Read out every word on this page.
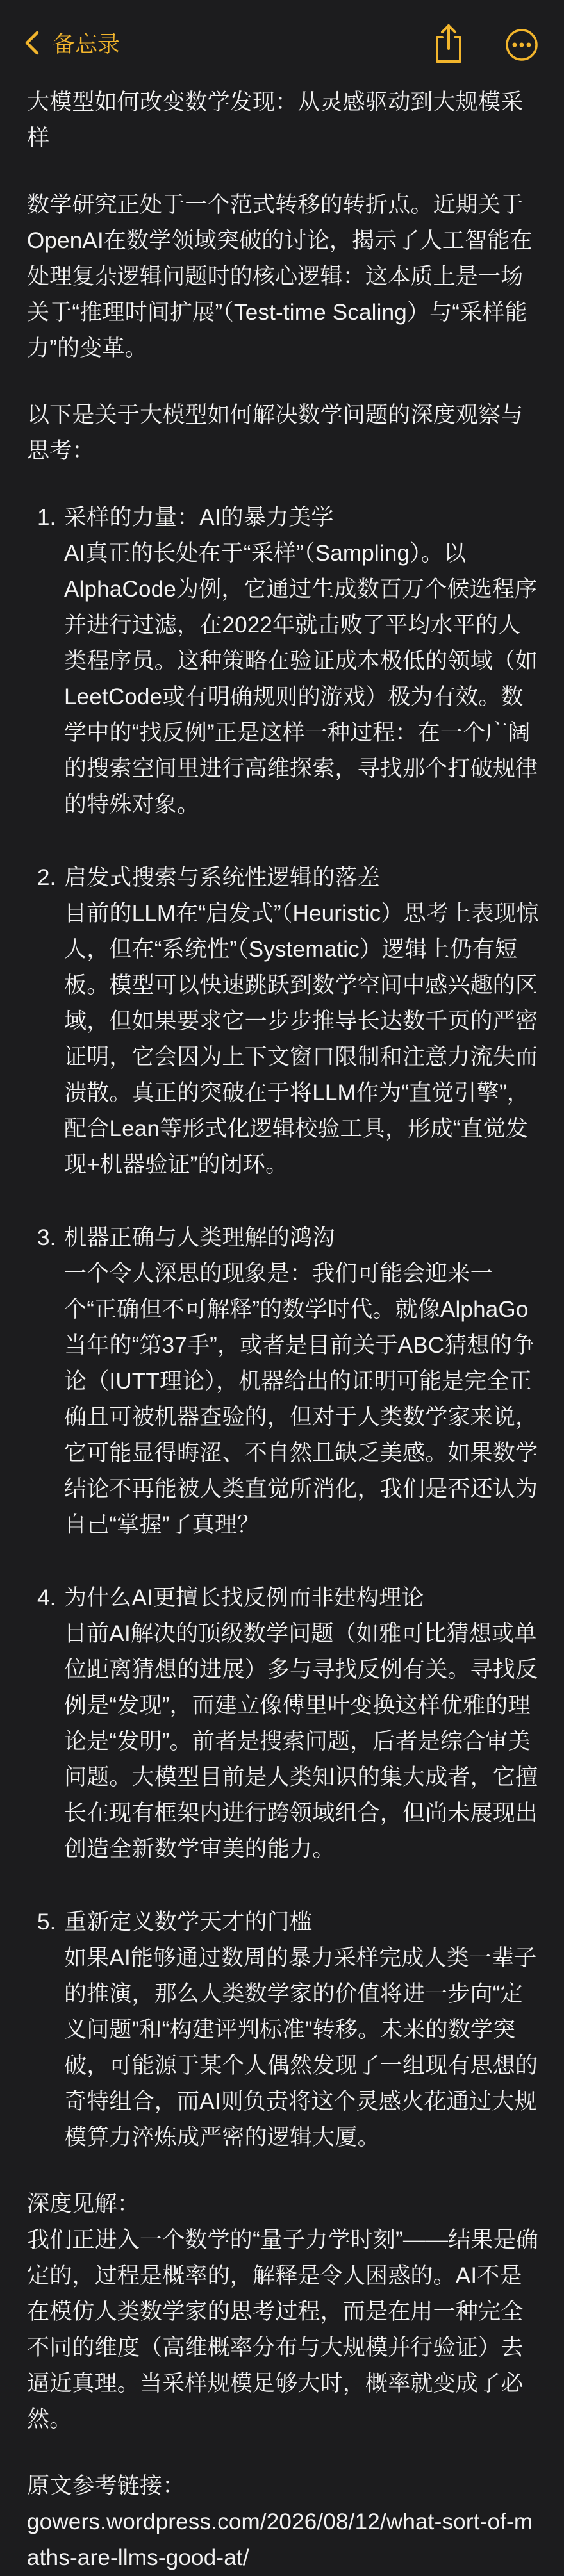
备忘录

大模型如何改变数学发现：从灵感驱动到大规模采样

数学研究正处于一个范式转移的转折点。近期关于OpenAI在数学领域突破的讨论，揭示了人工智能在处理复杂逻辑问题时的核心逻辑：这本质上是一场关于“推理时间扩展”（Test-time Scaling）与“采样能力”的变革。

以下是关于大模型如何解决数学问题的深度观察与思考：

1. 采样的力量：AI的暴力美学
AI真正的长处在于“采样”（Sampling）。以AlphaCode为例，它通过生成数百万个候选程序并进行过滤，在2022年就击败了平均水平的人类程序员。这种策略在验证成本极低的领域（如LeetCode或有明确规则的游戏）极为有效。数学中的“找反例”正是这样一种过程：在一个广阔的搜索空间里进行高维探索，寻找那个打破规律的特殊对象。
2. 启发式搜索与系统性逻辑的落差
目前的LLM在“启发式”（Heuristic）思考上表现惊人，但在“系统性”（Systematic）逻辑上仍有短板。模型可以快速跳跃到数学空间中感兴趣的区域，但如果要求它一步步推导长达数千页的严密证明，它会因为上下文窗口限制和注意力流失而溃散。真正的突破在于将LLM作为“直觉引擎”，配合Lean等形式化逻辑校验工具，形成“直觉发现+机器验证”的闭环。
3. 机器正确与人类理解的鸿沟
一个令人深思的现象是：我们可能会迎来一个“正确但不可解释”的数学时代。就像AlphaGo当年的“第37手”，或者是目前关于ABC猜想的争论（IUTT理论），机器给出的证明可能是完全正确且可被机器查验的，但对于人类数学家来说，它可能显得晦涩、不自然且缺乏美感。如果数学结论不再能被人类直觉所消化，我们是否还认为自己“掌握”了真理？
4. 为什么AI更擅长找反例而非建构理论
目前AI解决的顶级数学问题（如雅可比猜想或单位距离猜想的进展）多与寻找反例有关。寻找反例是“发现”，而建立像傅里叶变换这样优雅的理论是“发明”。前者是搜索问题，后者是综合审美问题。大模型目前是人类知识的集大成者，它擅长在现有框架内进行跨领域组合，但尚未展现出创造全新数学审美的能力。
5. 重新定义数学天才的门槛
如果AI能够通过数周的暴力采样完成人类一辈子的推演，那么人类数学家的价值将进一步向“定义问题”和“构建评判标准”转移。未来的数学突破，可能源于某个人偶然发现了一组现有思想的奇特组合，而AI则负责将这个灵感火花通过大规模算力淬炼成严密的逻辑大厦。

深度见解：

我们正进入一个数学的“量子力学时刻”——结果是确定的，过程是概率的，解释是令人困惑的。AI不是在模仿人类数学家的思考过程，而是在用一种完全不同的维度（高维概率分布与大规模并行验证）去逼近真理。当采样规模足够大时，概率就变成了必然。

原文参考链接：

gowers.wordpress.com/2026/08/12/what-sort-of-maths-are-llms-good-at/
